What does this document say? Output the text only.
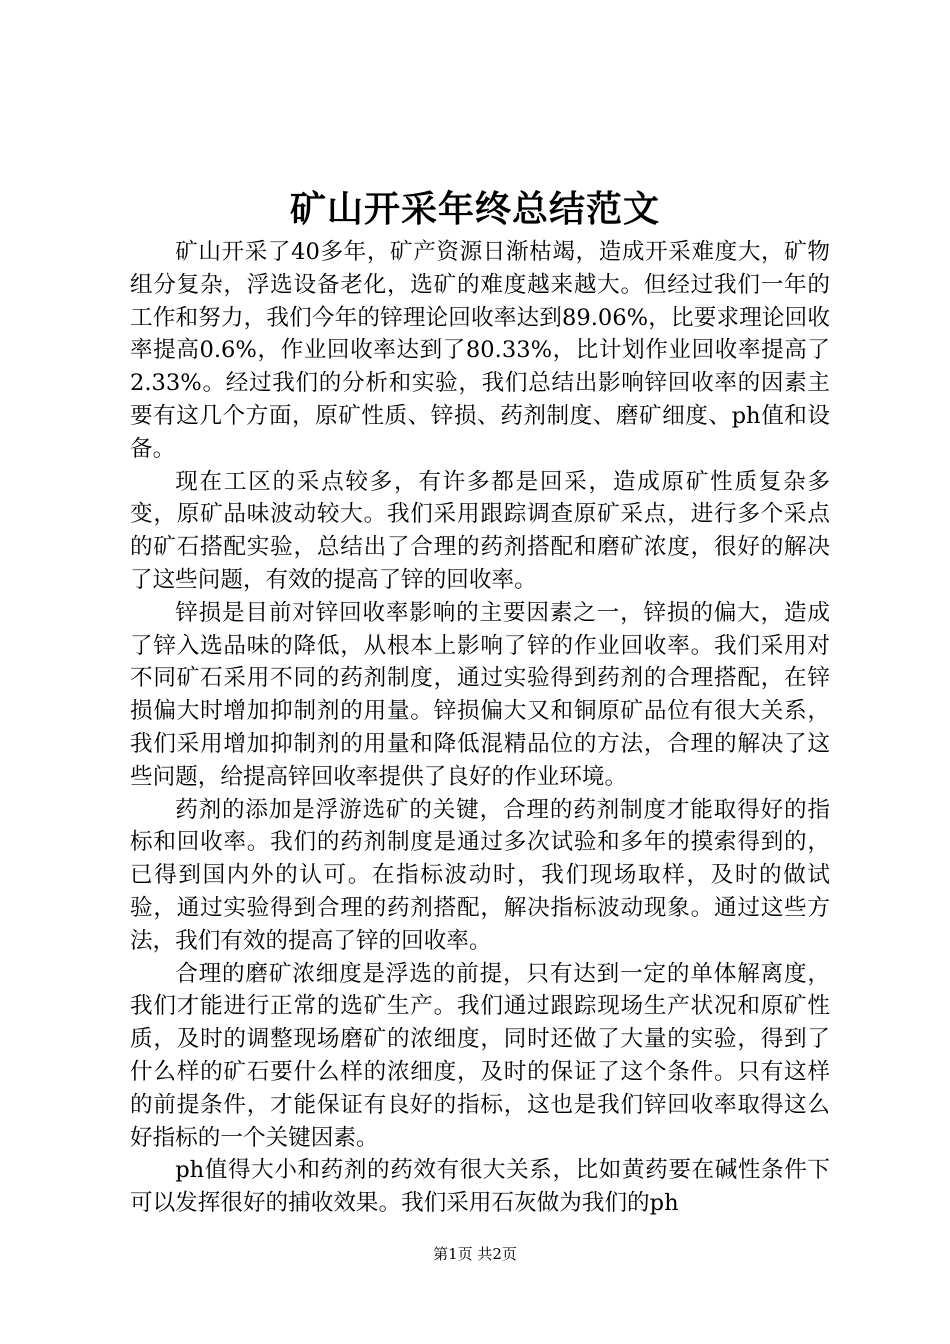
矿山开采年终总结范文

矿山开采了40多年，矿产资源日渐枯竭，造成开采难度大，矿物组分复杂，浮选设备老化，选矿的难度越来越大。但经过我们一年的工作和努力，我们今年的锌理论回收率达到89.06%，比要求理论回收率提高0.6%，作业回收率达到了80.33%，比计划作业回收率提高了2.33%。经过我们的分析和实验，我们总结出影响锌回收率的因素主要有这几个方面，原矿性质、锌损、药剂制度、磨矿细度、ph值和设备。

现在工区的采点较多，有许多都是回采，造成原矿性质复杂多变，原矿品味波动较大。我们采用跟踪调查原矿采点，进行多个采点的矿石搭配实验，总结出了合理的药剂搭配和磨矿浓度，很好的解决了这些问题，有效的提高了锌的回收率。

锌损是目前对锌回收率影响的主要因素之一，锌损的偏大，造成了锌入选品味的降低，从根本上影响了锌的作业回收率。我们采用对不同矿石采用不同的药剂制度，通过实验得到药剂的合理搭配，在锌损偏大时增加抑制剂的用量。锌损偏大又和铜原矿品位有很大关系，我们采用增加抑制剂的用量和降低混精品位的方法，合理的解决了这些问题，给提高锌回收率提供了良好的作业环境。

药剂的添加是浮游选矿的关键，合理的药剂制度才能取得好的指标和回收率。我们的药剂制度是通过多次试验和多年的摸索得到的，已得到国内外的认可。在指标波动时，我们现场取样，及时的做试验，通过实验得到合理的药剂搭配，解决指标波动现象。通过这些方法，我们有效的提高了锌的回收率。

合理的磨矿浓细度是浮选的前提，只有达到一定的单体解离度，我们才能进行正常的选矿生产。我们通过跟踪现场生产状况和原矿性质，及时的调整现场磨矿的浓细度，同时还做了大量的实验，得到了什么样的矿石要什么样的浓细度，及时的保证了这个条件。只有这样的前提条件，才能保证有良好的指标，这也是我们锌回收率取得这么好指标的一个关键因素。

ph值得大小和药剂的药效有很大关系，比如黄药要在碱性条件下可以发挥很好的捕收效果。我们采用石灰做为我们的ph

第1页 共2页
